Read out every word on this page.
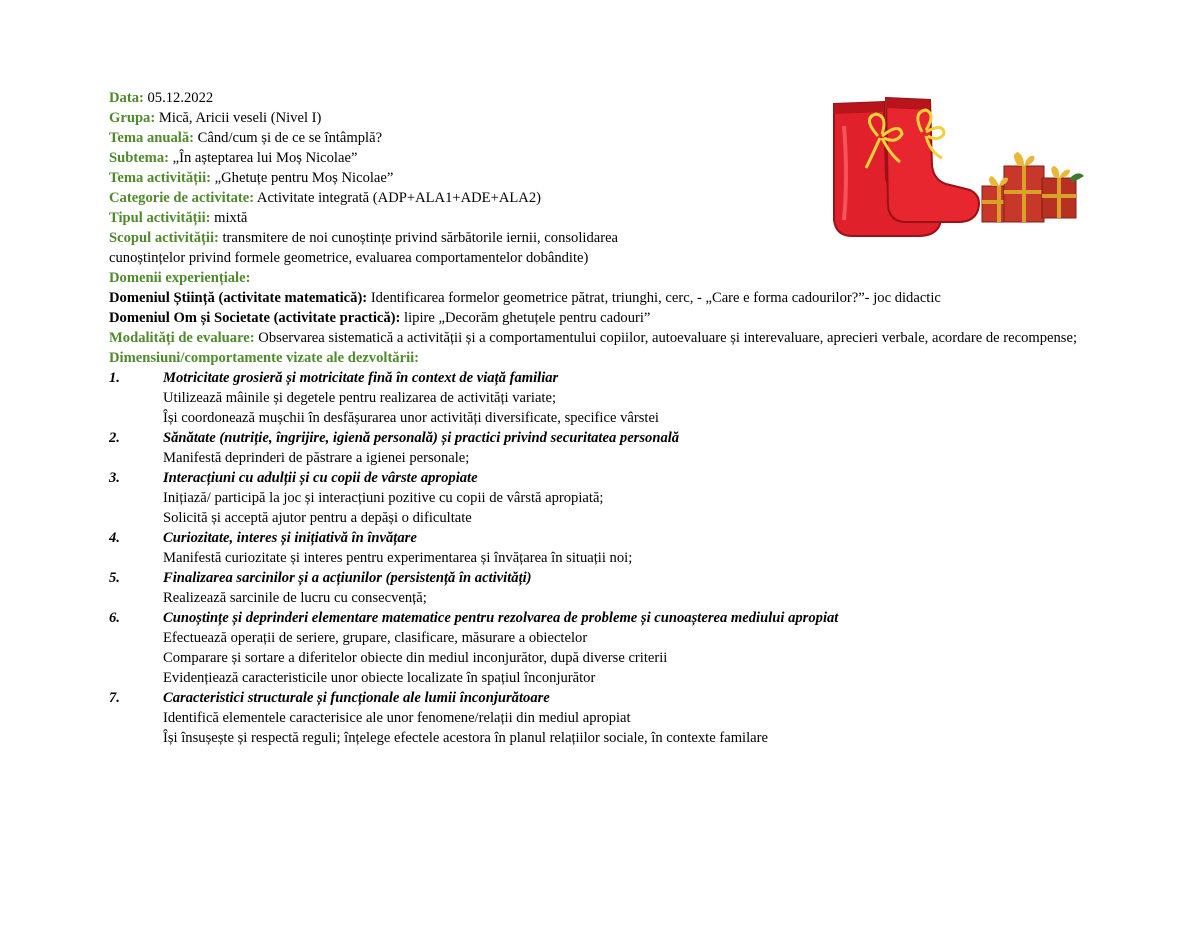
Data: 05.12.2022
Grupa: Mică, Aricii veseli (Nivel I)
Tema anuală: Când/cum și de ce se întâmplă?
Subtema: „În așteptarea lui Moș Nicolae”
Tema activității: „Ghetuțe pentru Moș Nicolae”
Categorie de activitate: Activitate integrată (ADP+ALA1+ADE+ALA2)
Tipul activității: mixtă
Scopul activității: transmitere de noi cunoștințe privind sărbătorile iernii, consolidarea
cunoștințelor privind formele geometrice, evaluarea comportamentelor dobândite)
Domenii experiențiale:
Domeniul Știință (activitate matematică): Identificarea formelor geometrice pătrat, triunghi, cerc, - „Care e forma cadourilor?”- joc didactic
Domeniul Om și Societate (activitate practică): lipire „Decorăm ghetuțele pentru cadouri”
Modalități de evaluare: Observarea sistematică a activității și a comportamentului copiilor, autoevaluare și interevaluare, aprecieri verbale, acordare de recompense;
Dimensiuni/comportamente vizate ale dezvoltării:
1.	Motricitate grosieră și motricitate fină în context de viață familiar
Utilizează mâinile și degetele pentru realizarea de activități variate;
Își coordonează mușchii în desfășurarea unor activități diversificate, specifice vârstei
2.	Sănătate (nutriție, îngrijire, igienă personală) și practici privind securitatea personală
Manifestă deprinderi de păstrare a igienei personale;
3.	Interacțiuni cu adulții și cu copii de vârste apropiate
Inițiază/ participă la joc și interacțiuni pozitive cu copii de vârstă apropiată;
Solicită și acceptă ajutor pentru a depăși o dificultate
4.	Curiozitate, interes și inițiativă în învățare
Manifestă curiozitate și interes pentru experimentarea și învățarea în situații noi;
5.	Finalizarea sarcinilor și a acțiunilor (persistență în activități)
Realizează sarcinile de lucru cu consecvență;
6.	Cunoștințe și deprinderi elementare matematice pentru rezolvarea de probleme și cunoașterea mediului apropiat
Efectuează operații de seriere, grupare, clasificare, măsurare a obiectelor
Comparare și sortare a diferitelor obiecte din mediul inconjurător, după diverse criterii
Evidențiează caracteristicile unor obiecte localizate în spațiul înconjurător
7.	Caracteristici structurale și funcționale ale lumii înconjurătoare
Identifică elementele caracterisice ale unor fenomene/relații din mediul apropiat
Își însușește și respectă reguli; înțelege efectele acestora în planul relațiilor sociale, în contexte familare
